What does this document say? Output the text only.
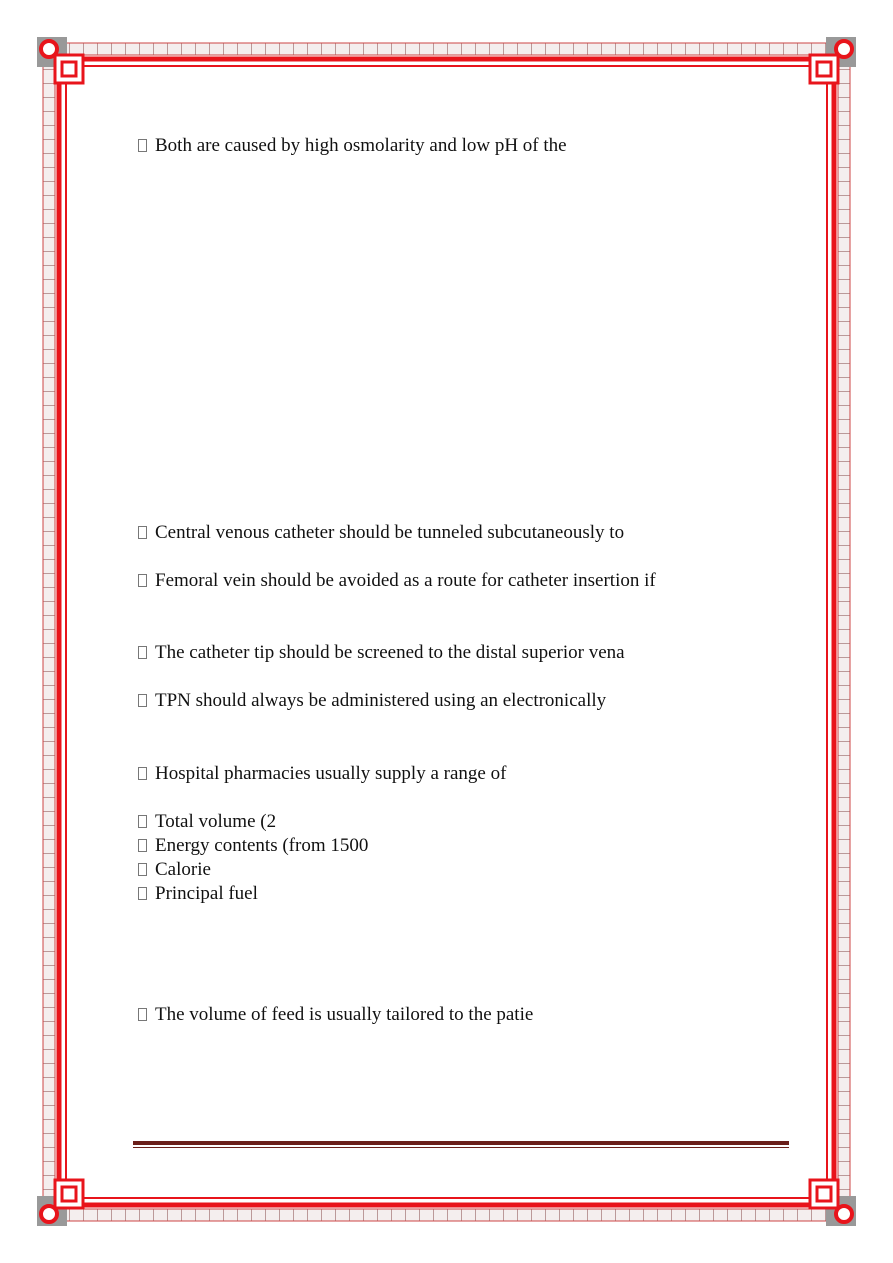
Both are caused by high osmolarity and low pH of the
Central venous catheter should be tunneled subcutaneously to
Femoral vein should be avoided as a route for catheter insertion if
The catheter tip should be screened to the distal superior vena
TPN should always be administered using an electronically
Hospital pharmacies usually supply a range of
Total volume (2
Energy contents (from 1500
Calorie
Principal fuel
The volume of feed is usually tailored to the patie
